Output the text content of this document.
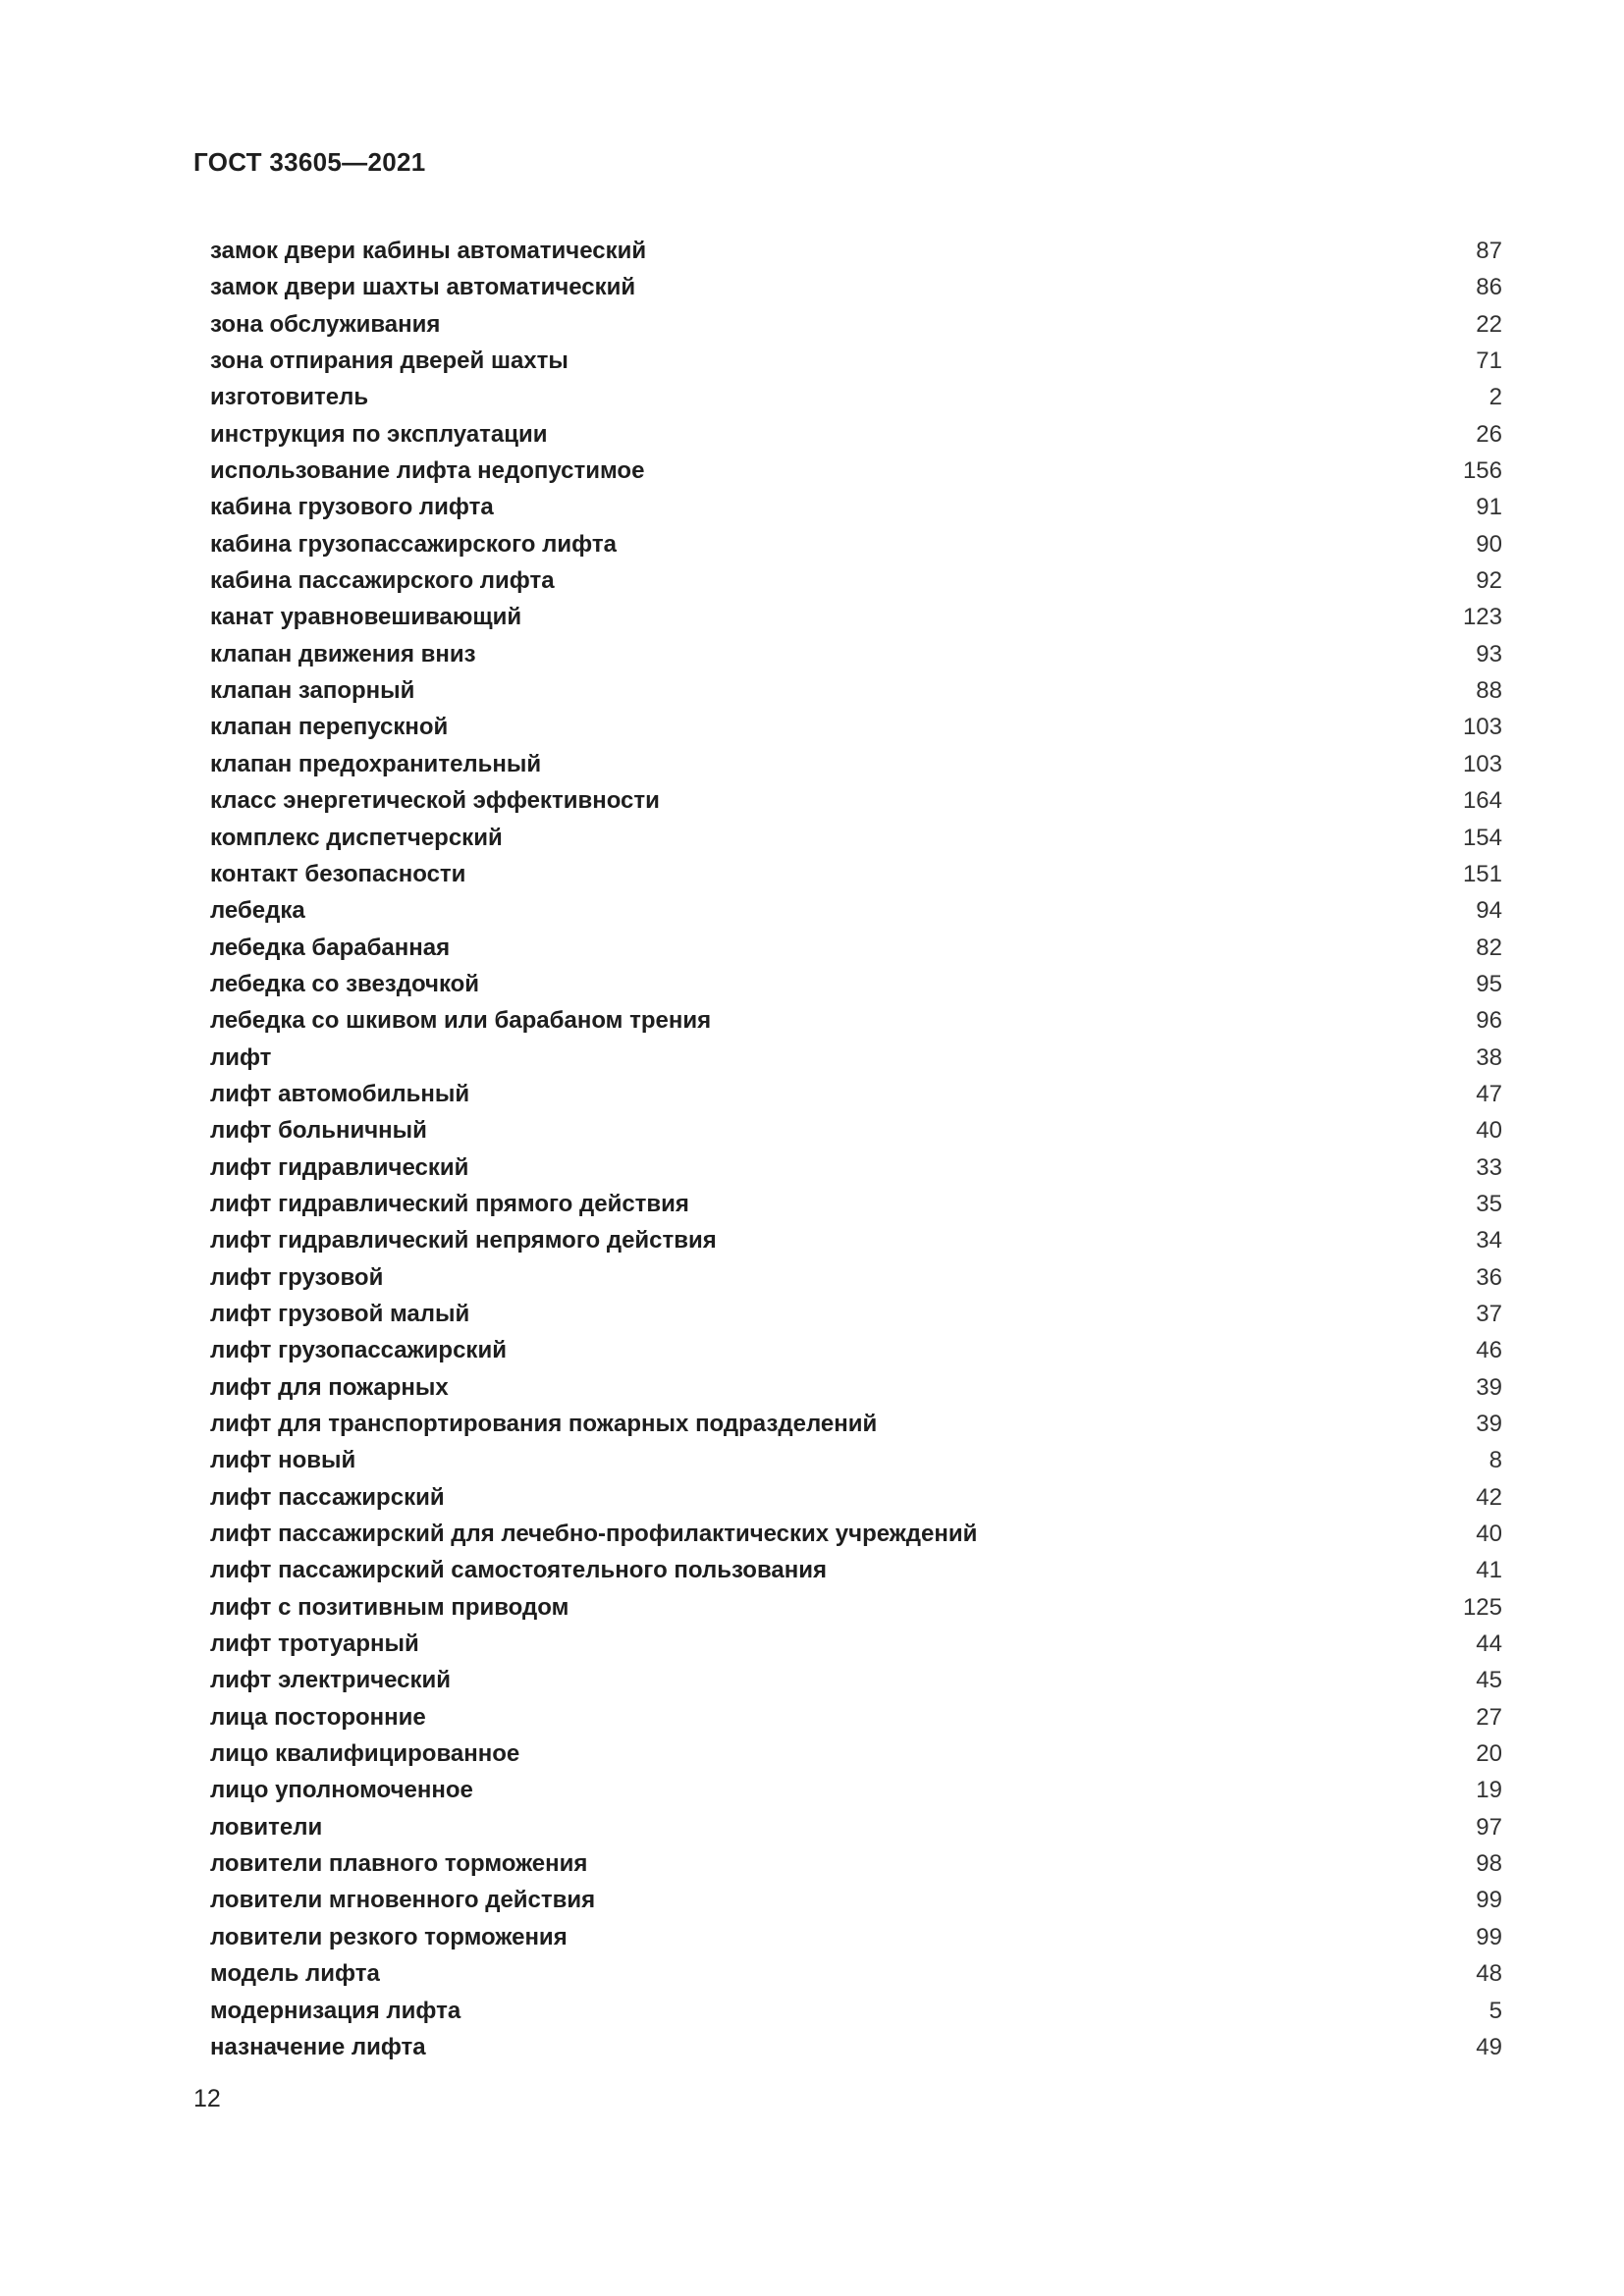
ГОСТ 33605—2021
замок двери кабины автоматический	87
замок двери шахты автоматический	86
зона обслуживания	22
зона отпирания дверей шахты	71
изготовитель	2
инструкция по эксплуатации	26
использование лифта недопустимое	156
кабина грузового лифта	91
кабина грузопассажирского лифта	90
кабина пассажирского лифта	92
канат уравновешивающий	123
клапан движения вниз	93
клапан запорный	88
клапан перепускной	103
клапан предохранительный	103
класс энергетической эффективности	164
комплекс диспетчерский	154
контакт безопасности	151
лебедка	94
лебедка барабанная	82
лебедка со звездочкой	95
лебедка со шкивом или барабаном трения	96
лифт	38
лифт автомобильный	47
лифт больничный	40
лифт гидравлический	33
лифт гидравлический прямого действия	35
лифт гидравлический непрямого действия	34
лифт грузовой	36
лифт грузовой малый	37
лифт грузопассажирский	46
лифт для пожарных	39
лифт для транспортирования пожарных подразделений	39
лифт новый	8
лифт пассажирский	42
лифт пассажирский для лечебно-профилактических учреждений	40
лифт пассажирский самостоятельного пользования	41
лифт с позитивным приводом	125
лифт тротуарный	44
лифт электрический	45
лица посторонние	27
лицо квалифицированное	20
лицо уполномоченное	19
ловители	97
ловители плавного торможения	98
ловители мгновенного действия	99
ловители резкого торможения	99
модель лифта	48
модернизация лифта	5
назначение лифта	49
12
